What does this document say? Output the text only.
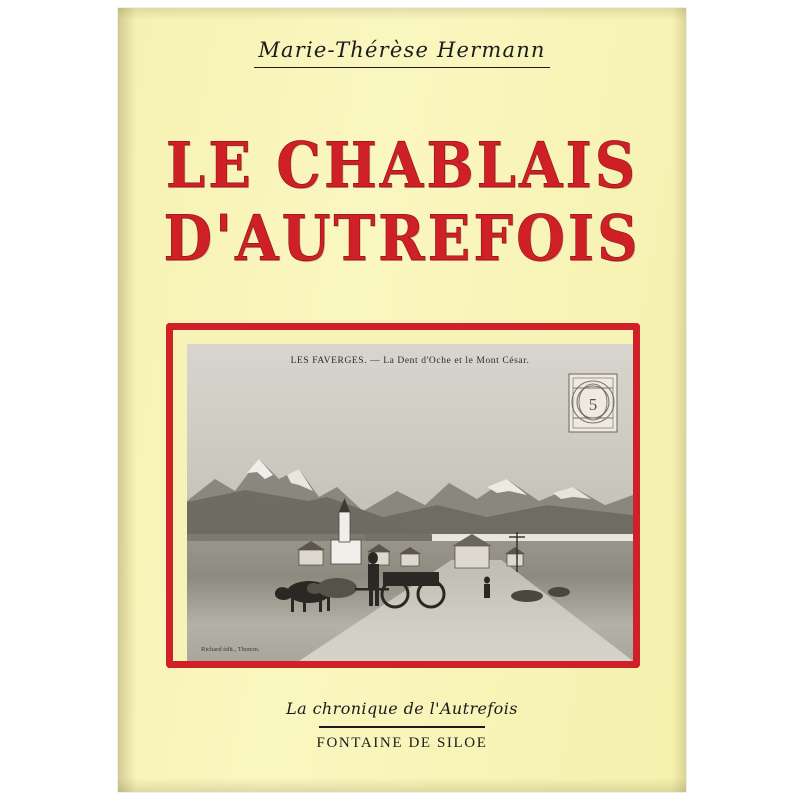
Marie-Thérèse Hermann
LE CHABLAIS
D'AUTREFOIS
5
LES FAVERGES. — La Dent d'Oche et le Mont César.
Richard édit., Thonon.
La chronique de l'Autrefois
FONTAINE DE SILOE
